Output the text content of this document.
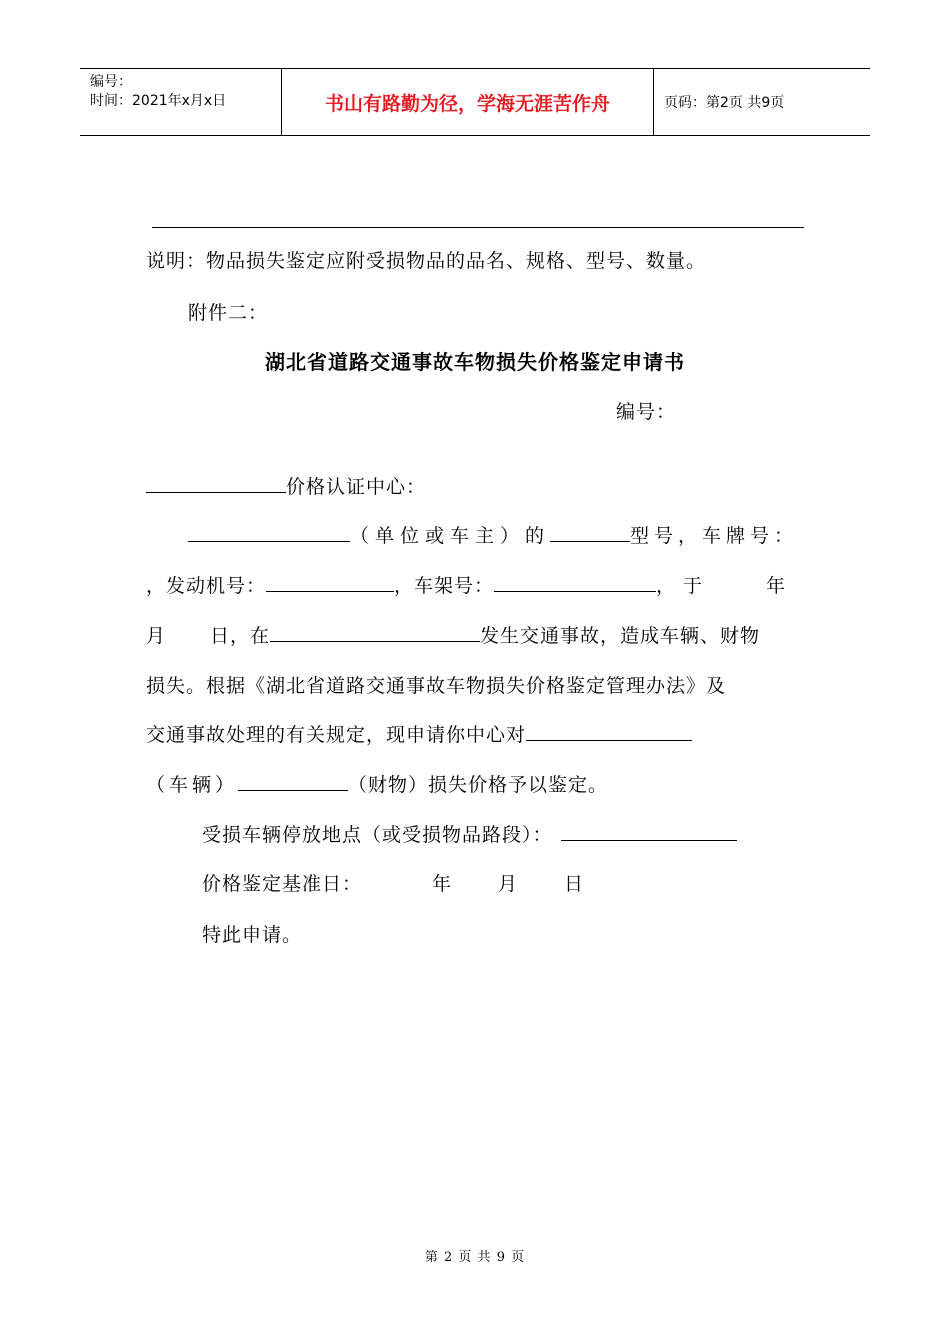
编号：
时间：2021年x月x日	书山有路勤为径，学海无涯苦作舟	页码：第2页 共9页
说明：物品损失鉴定应附受损物品的品名、规格、型号、数量。
附件二：
湖北省道路交通事故车物损失价格鉴定申请书
编号：
价格认证中心：
（单位或车主）的	型号，车牌号：
，发动机号：	，车架号：	，于	年
月 日，在	发生交通事故，造成车辆、财物
损失。根据《湖北省道路交通事故车物损失价格鉴定管理办法》及
交通事故处理的有关规定，现申请你中心对
（车辆）	（财物）损失价格予以鉴定。
受损车辆停放地点（或受损物品路段）：
价格鉴定基准日：	年 月 日
特此申请。
第 2 页 共 9 页
